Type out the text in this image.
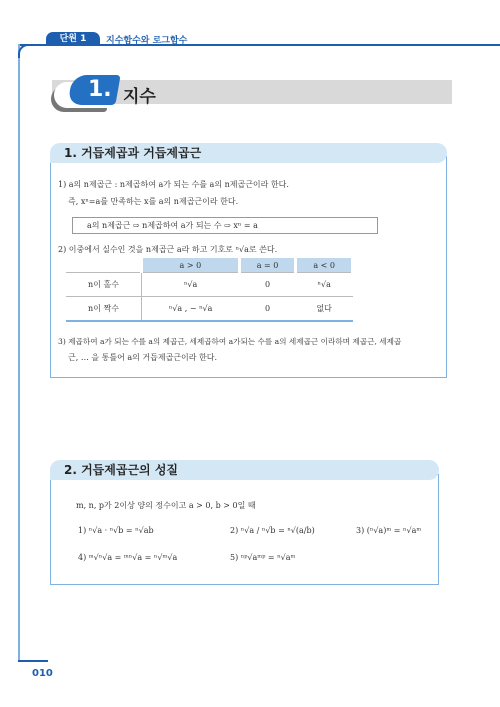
단원 1	지수함수와 로그함수
1. 지수
1. 거듭제곱과 거듭제곱근
1) a의 n제곱근 : n제곱하여 a가 되는 수를 a의 n제곱근이라 한다.
즉, xⁿ=a를 만족하는 x를 a의 n제곱근이라 한다.
a의 n제곱근 ⇨ n제곱하여 a가 되는 수 ⇨ xⁿ = a
2) 이중에서 실수인 것을 n제곱근 a라 하고 기호로 ⁿ√a로 쓴다.
	a > 0	a = 0	a < 0
n이 홀수	ⁿ√a	0	ⁿ√a
n이 짝수	ⁿ√a , − ⁿ√a	0	없다
3) 제곱하여 a가 되는 수를 a의 제곱근, 세제곱하여 a가되는 수를 a의 세제곱근 이라하며 제곱근, 세제곱
근, … 을 통틀어 a의 거듭제곱근이라 한다.
2. 거듭제곱근의 성질
m, n, p가 2이상 양의 정수이고 a > 0, b > 0일 때
1) ⁿ√a · ⁿ√b = ⁿ√ab	2) ⁿ√a / ⁿ√b = ⁿ√(a/b)	3) (ⁿ√a)ᵐ = ⁿ√aᵐ
4) ᵐ√ⁿ√a = ᵐⁿ√a = ⁿ√ᵐ√a	5) ⁿᵖ√aᵐᵖ = ⁿ√aᵐ
010
